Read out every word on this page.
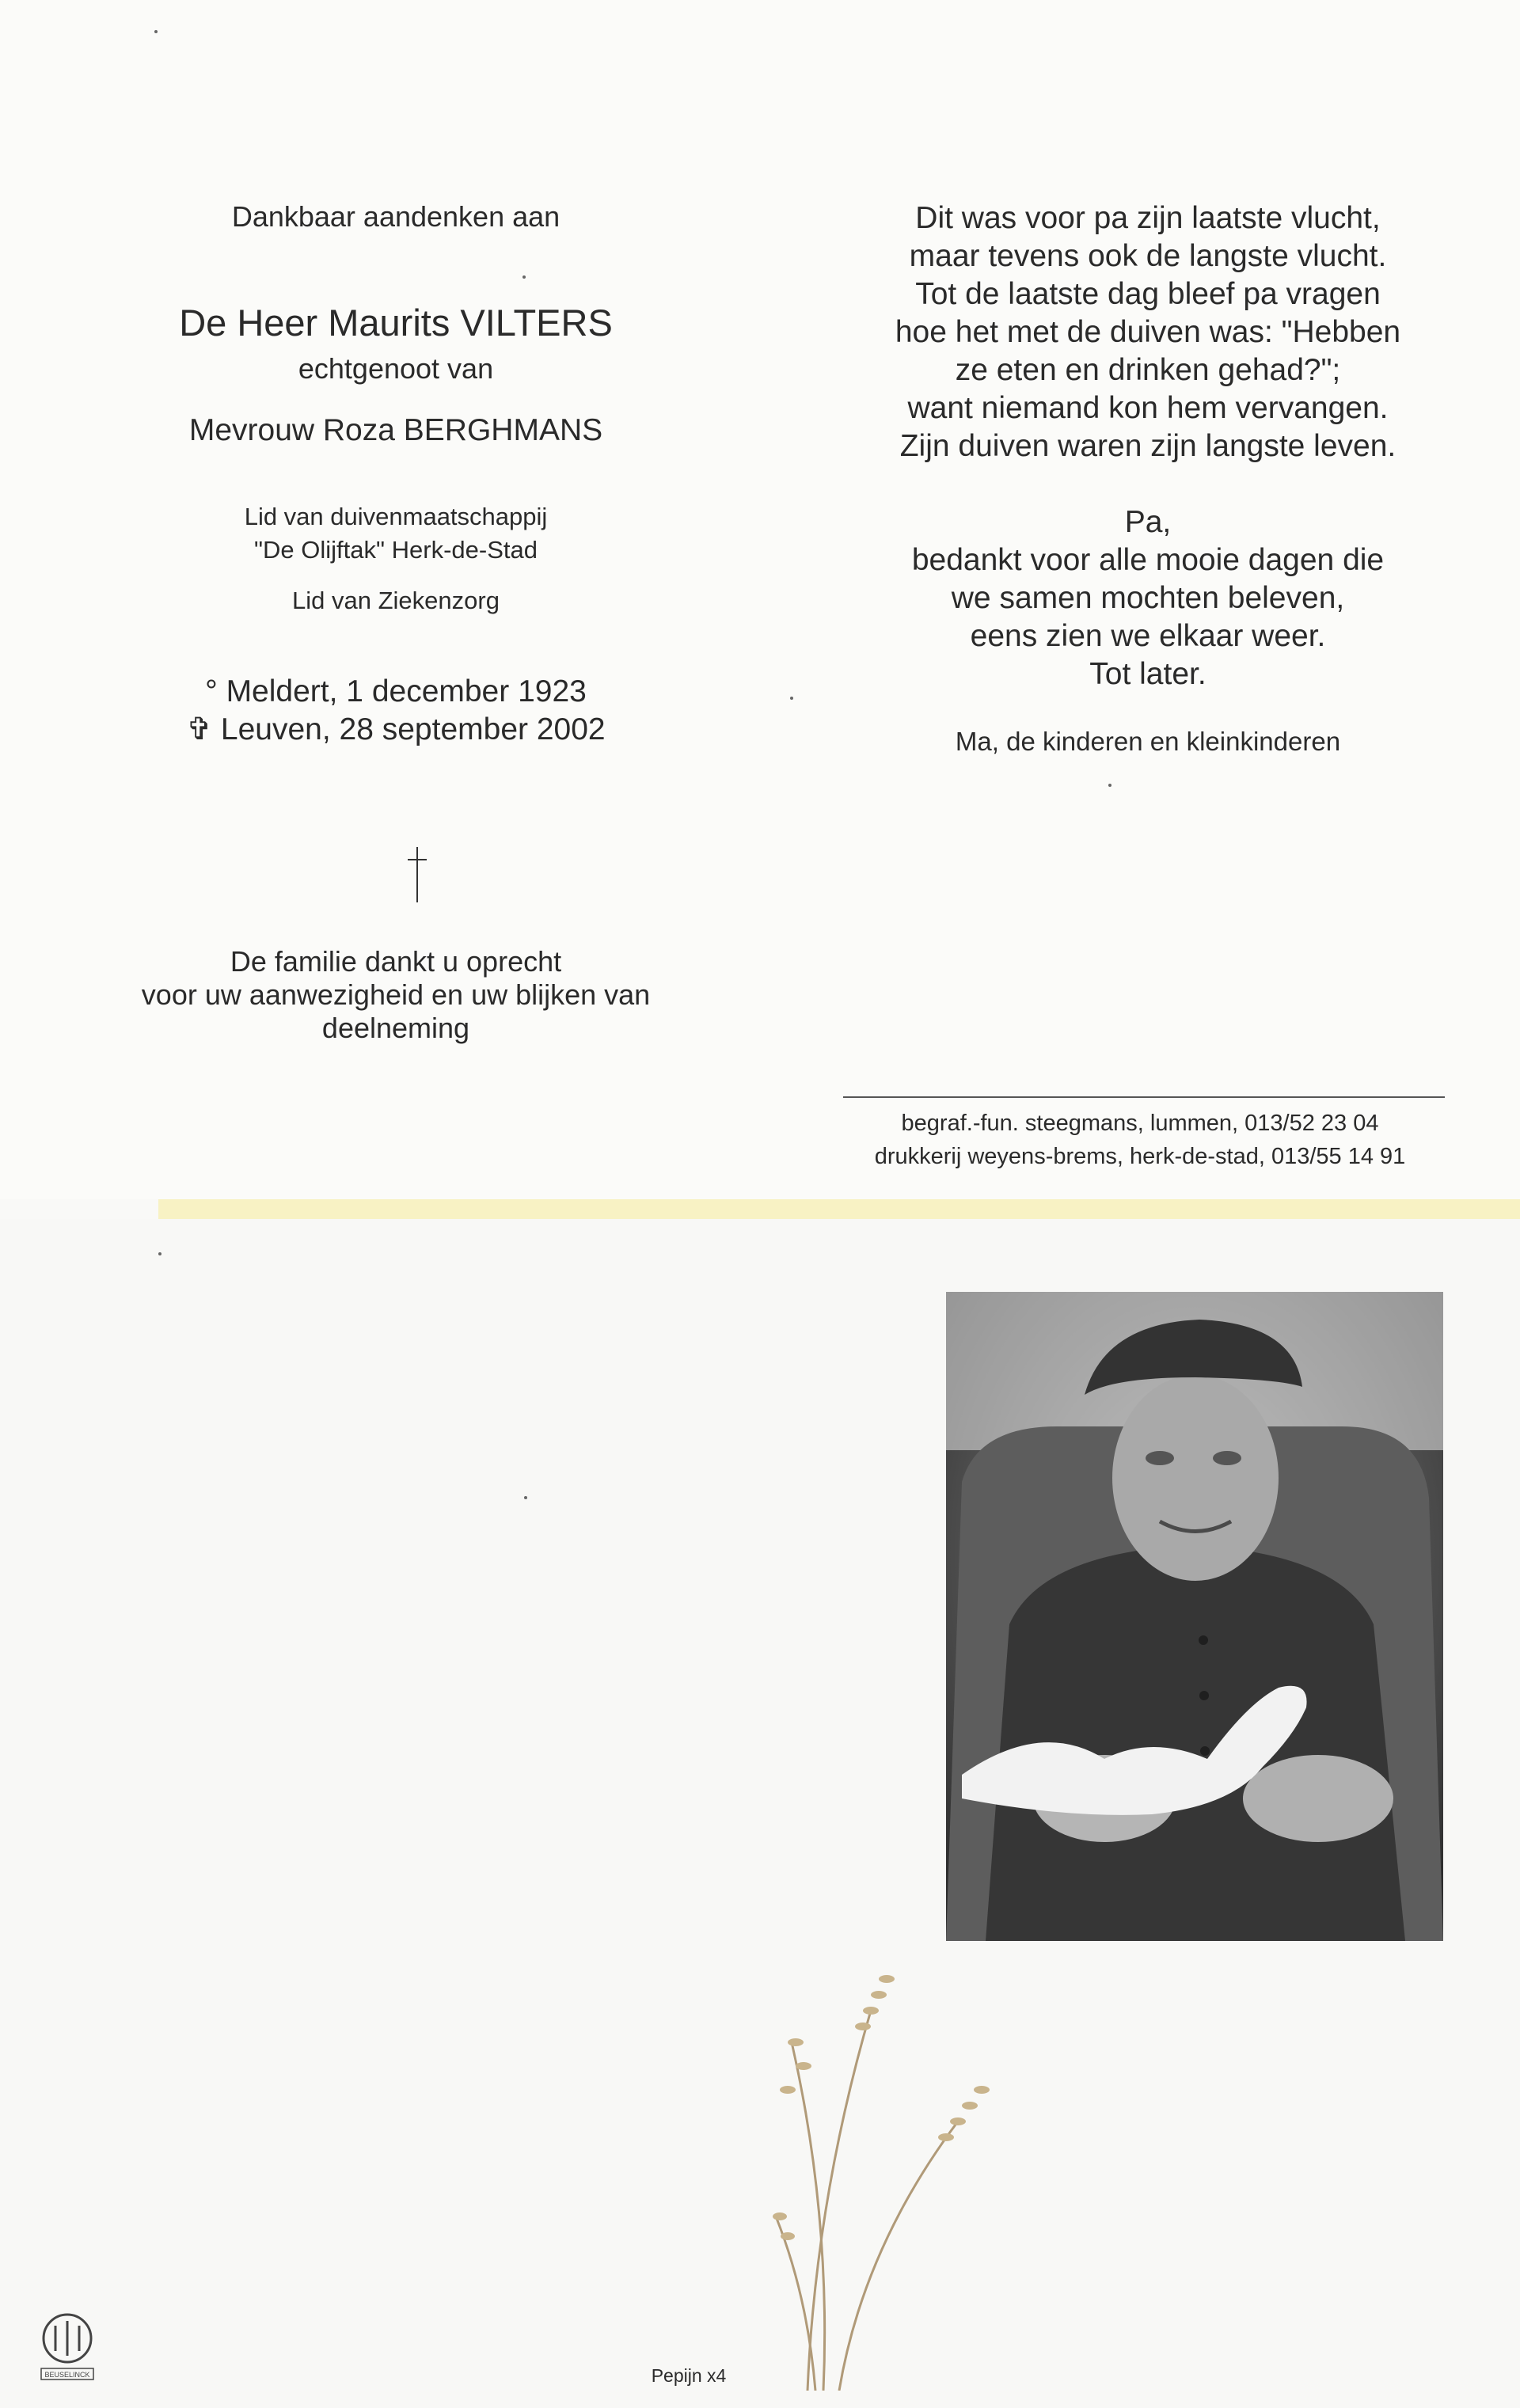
Dankbaar aandenken aan

De Heer Maurits VILTERS

echtgenoot van

Mevrouw Roza BERGHMANS

Lid van duivenmaatschappij

"De Olijftak" Herk-de-Stad

Lid van Ziekenzorg

° Meldert, 1 december 1923

✞ Leuven, 28 september 2002

De familie dankt u oprecht

voor uw aanwezigheid en uw blijken van

deelneming

Dit was voor pa zijn laatste vlucht,

maar tevens ook de langste vlucht.

Tot de laatste dag bleef pa vragen

hoe het met de duiven was: "Hebben

ze eten en drinken gehad?";

want niemand kon hem vervangen.

Zijn duiven waren zijn langste leven.

Pa,

bedankt voor alle mooie dagen die

we samen mochten beleven,

eens zien we elkaar weer.

Tot later.

Ma, de kinderen en kleinkinderen

begraf.-fun. steegmans, lummen, 013/52 23 04
drukkerij weyens-brems, herk-de-stad, 013/55 14 91
BEUSELINCK	Pepijn x4
